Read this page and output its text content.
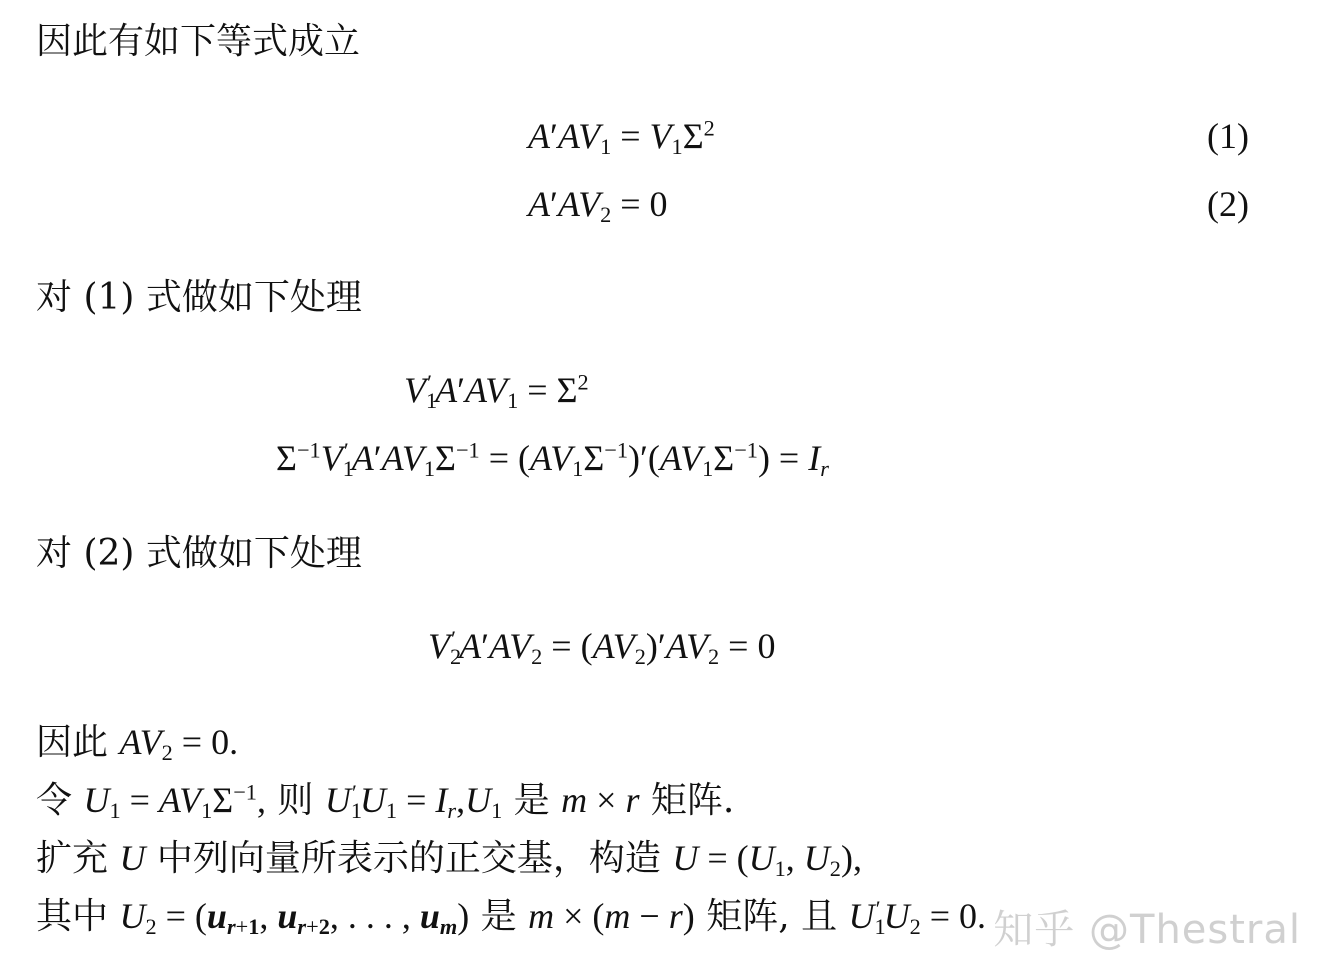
因此有如下等式成立
$A'AV_1 = V_1\Sigma^2$	(1)
$A'AV_2 = 0$	(2)
对 (1) 式做如下处理
$V_1'$ $A'AV_1 = \Sigma^2$
$\Sigma^{-1}V_1'$ $A'AV_1\Sigma^{-1} = (AV_1\Sigma^{-1})'(AV_1\Sigma^{-1}) = I_r$
对 (2) 式做如下处理
$V_2'$ $A'AV_2 = (AV_2)'AV_2 = 0$
因此 $AV_2 = 0$.
令 $U_1 = AV_1\Sigma^{-1}$, 则 $U_1'$ $U_1 = I_r,U_1$ 是 m × r 矩阵.
扩充 U 中列向量所表示的正交基，构造 $U = (U_1$, $U_2$),
其中 $U_2 = (u_{r+1}$, $u_{r+2}$, . . . , $u_m$) 是 m × (m − r) 矩阵, 且 $U_1'$ $U_2 = 0$. 知乎 @Thestral
